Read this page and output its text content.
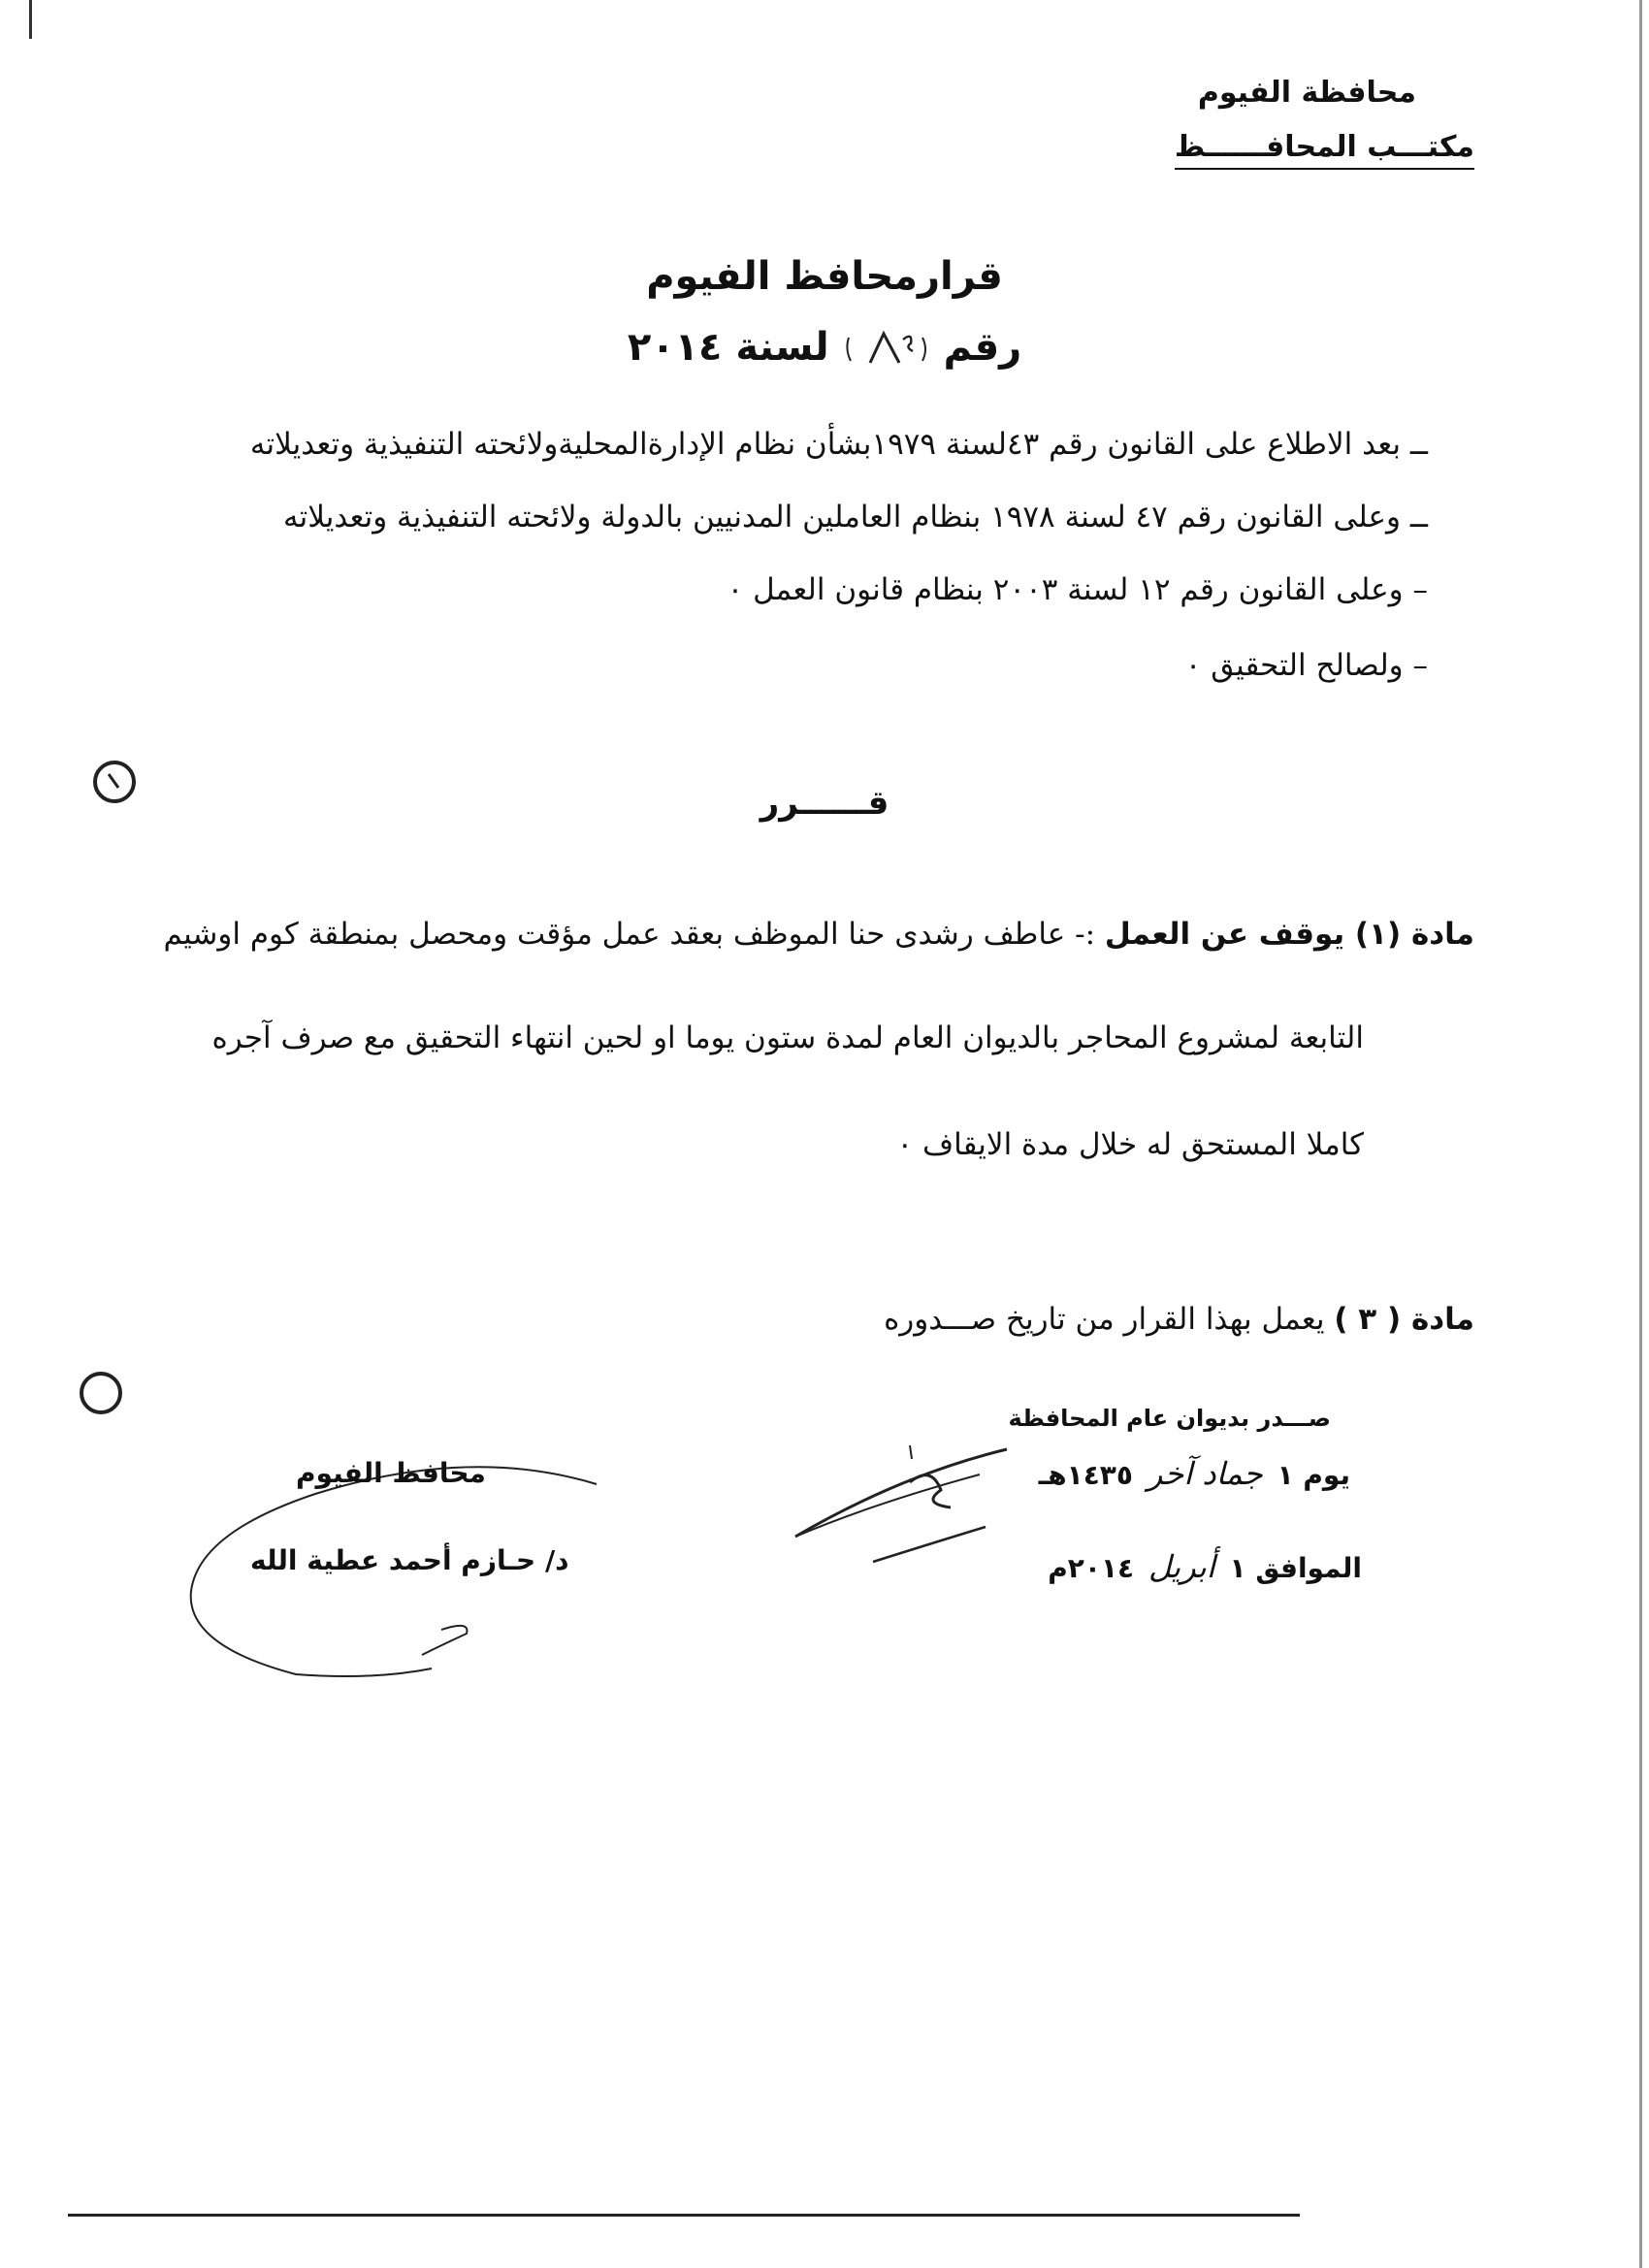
محافظة الفيوم
مكتـــب المحافــــــظ
قرارمحافظ الفيوم
رقم  لسنة ٢٠١٤
ــ بعد الاطلاع على القانون رقم ٤٣لسنة ١٩٧٩بشأن نظام الإدارةالمحليةولائحته التنفيذية وتعديلاته
ــ وعلى القانون رقم ٤٧ لسنة ١٩٧٨ بنظام العاملين المدنيين بالدولة ولائحته التنفيذية وتعديلاته
– وعلى القانون رقم ١٢ لسنة ٢٠٠٣ بنظام قانون العمل ٠
– ولصالح التحقيق ٠
قــــــرر
مادة (١) يوقف عن العمل :- عاطف رشدى حنا الموظف بعقد عمل مؤقت ومحصل بمنطقة كوم اوشيم
التابعة لمشروع المحاجر بالديوان العام لمدة ستون يوما او لحين انتهاء التحقيق مع صرف آجره
كاملا المستحق له خلال مدة الايقاف ٠
مادة ( ٣ ) يعمل بهذا القرار من تاريخ صـــدوره
صـــدر بديوان عام المحافظة
يوم ١ جماد آخر ١٤٣٥هـ
الموافق ١ أبريل ٢٠١٤م
محافظ الفيوم
د/ حـازم أحمد عطية الله
